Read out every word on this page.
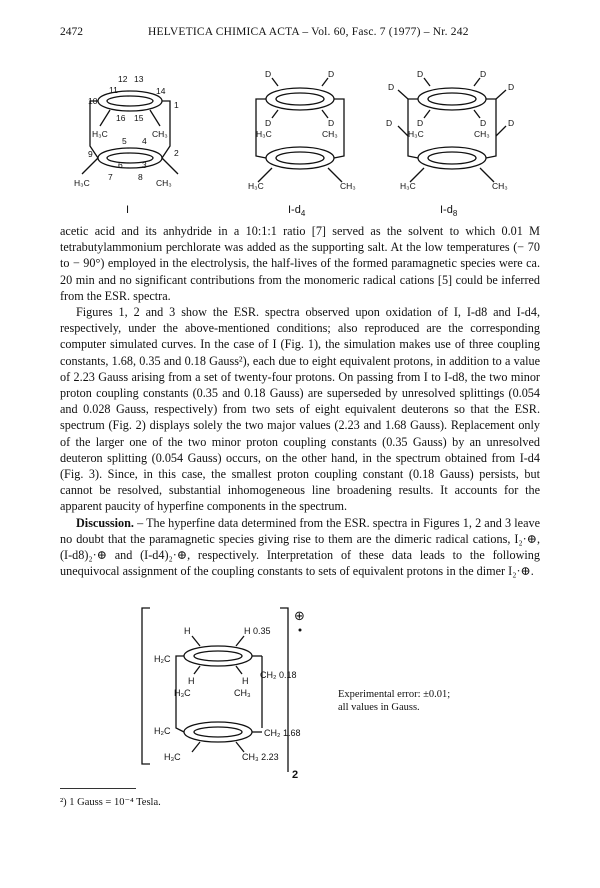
2472	HELVETICA CHIMICA ACTA – Vol. 60, Fasc. 7 (1977) – Nr. 242
12 13
11	14
10	1
16 15
H₃C	CH₃
5 4
9	2
6 3
7	8
H₃C	CH₃
D	D
D	D
H₃C	CH₃
H₃C	CH₃
D	D
D	D
D	D
D	D
H₃C	CH₃
H₃C	CH₃
I	$I-d_4$	$I-d_8$

acetic acid and its anhydride in a 10:1:1 ratio [7] served as the solvent to which 0.01 M tetrabutylammonium perchlorate was added as the supporting salt. At the low temperatures (− 70 to − 90°) employed in the electrolysis, the half-lives of the formed paramagnetic species were ca. 20 min and no significant contributions from the monomeric radical cations [5] could be inferred from the ESR. spectra.

Figures 1, 2 and 3 show the ESR. spectra observed upon oxidation of I, I-d8 and I-d4, respectively, under the above-mentioned conditions; also reproduced are the corresponding computer simulated curves. In the case of I (Fig. 1), the simulation makes use of three coupling constants, 1.68, 0.35 and 0.18 Gauss²), each due to eight equivalent protons, in addition to a value of 2.23 Gauss arising from a set of twenty-four protons. On passing from I to I-d8, the two minor proton coupling constants (0.35 and 0.18 Gauss) are superseded by unresolved splittings (0.054 and 0.028 Gauss, respectively) from two sets of eight equivalent deuterons so that the ESR. spectrum (Fig. 2) displays solely the two major values (2.23 and 1.68 Gauss). Replacement only of the larger one of the two minor proton coupling constants (0.35 Gauss) by an unresolved deuteron splitting (0.054 Gauss) occurs, on the other hand, in the spectrum obtained from I-d4 (Fig. 3). Since, in this case, the smallest proton coupling constant (0.18 Gauss) persists, but cannot be resolved, substantial inhomogeneous line broadening results. It accounts for the apparent paucity of hyperfine components in the spectrum.

Discussion. – The hyperfine data determined from the ESR. spectra in Figures 1, 2 and 3 leave no doubt that the paramagnetic species giving rise to them are the dimeric radical cations, I₂·⊕, (I-d8)₂·⊕ and (I-d4)₂·⊕, respectively. Interpretation of these data leads to the following unequivocal assignment of the coupling constants to sets of equivalent protons in the dimer I₂·⊕.

H	H 0.35
H₂C
CH₂ 0.18
H	H
H₃C	CH₃
H₂C	CH₂ 1.68
H₃C	CH₃ 2.23
2
⊕
Experimental error: ±0.01;
all values in Gauss.
²) 1 Gauss = 10⁻⁴ Tesla.
